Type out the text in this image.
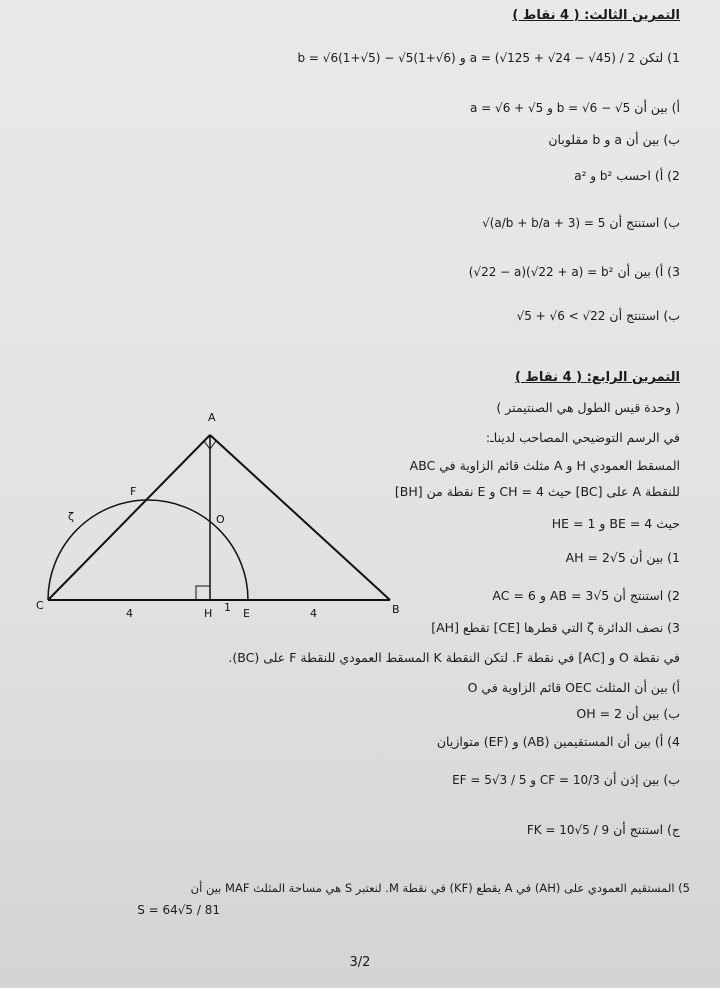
التمرين الثالث: ( 4 نقاط )
1) لتكن a = (√125 + √24 − √45) / 2 و b = √6(1+√5) − √5(1+√6)
أ) بين أن a = √6 + √5 و b = √6 − √5
ب) بين أن a و b مقلوبان
2) أ) احسب a² و b²
ب) استنتج أن √(a/b + b/a + 3) = 5
3) أ) بين أن (√22 − a)(√22 + a) = b²
ب) استنتج أن √5 + √6 < √22
التمرين الرابع: ( 4 نقاط )
( وحدة قيس الطول هي الصنتيمتر )
في الرسم التوضيحي المصاحب لديناـ:
ABC مثلث قائم الزاوية في A و H المسقط العمودي
للنقطة A على [BC] حيث CH = 4 و E نقطة من [BH]
حيث BE = 4 و HE = 1
1) بين أن AH = 2√5
2) استنتج أن AB = 3√5 و AC = 6
3) نصف الدائرة ζ التي قطرها [CE] تقطع [AH]
في نقطة O و [AC] في نقطة F. لتكن النقطة K المسقط العمودي للنقطة F على (BC).
أ) بين أن المثلث OEC قائم الزاوية في O
ب) بين أن OH = 2
4) أ) بين أن المستقيمين (AB) و (EF) متوازيان
ب) بين إذن أن EF = 5√3 / 5 و CF = 10/3
ج) استنتج أن FK = 10√5 / 9
5) المستقيم العمودي على (AH) في A يقطع (KF) في نقطة M. لنعتبر S هي مساحة المثلث MAF بين أن
S = 64√5 / 81
A
B
C
H	E
F
O
ζ
4	1	4
3/2
